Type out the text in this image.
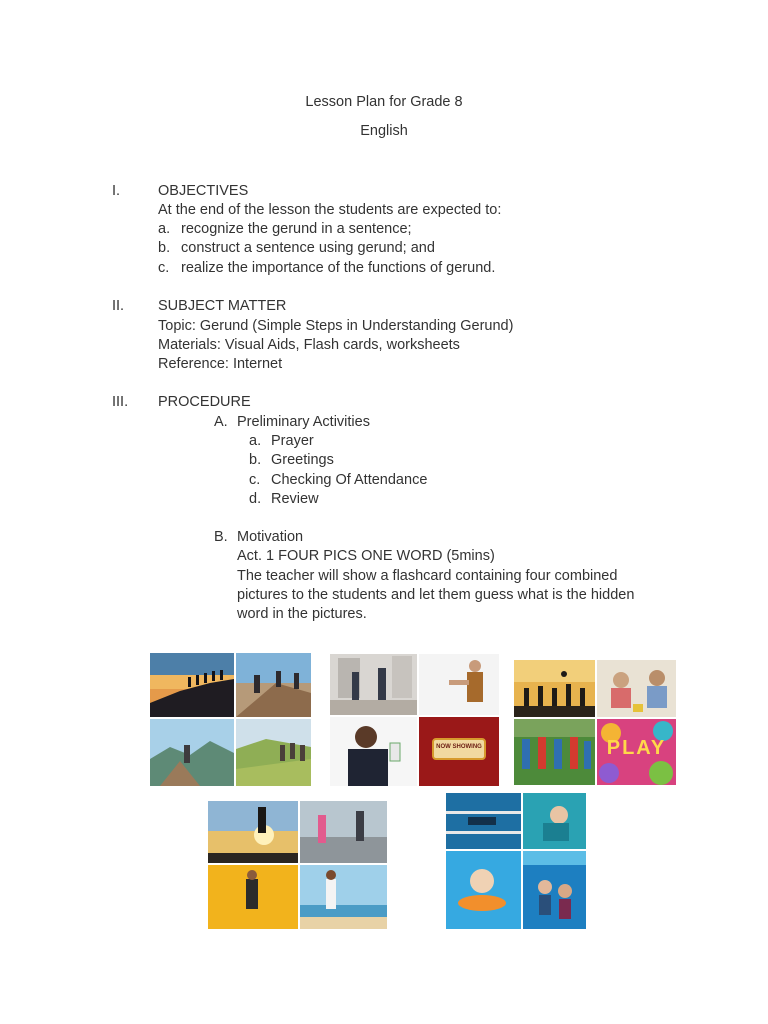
Lesson Plan for Grade 8
English
I.	OBJECTIVES
At the end of the lesson the students are expected to:
a. recognize the gerund in a sentence;
b. construct a sentence using gerund; and
c. realize the importance of the functions of gerund.
II. SUBJECT MATTER
Topic: Gerund (Simple Steps in Understanding Gerund)
Materials: Visual Aids, Flash cards, worksheets
Reference: Internet
III. PROCEDURE
A. Preliminary Activities
a. Prayer
b. Greetings
c. Checking Of Attendance
d. Review
B. Motivation
Act. 1 FOUR PICS ONE WORD (5mins)
The teacher will show a flashcard containing four combined
pictures to the students and let them guess what is the hidden
word in the pictures.
NOW SHOWING	PLAY
